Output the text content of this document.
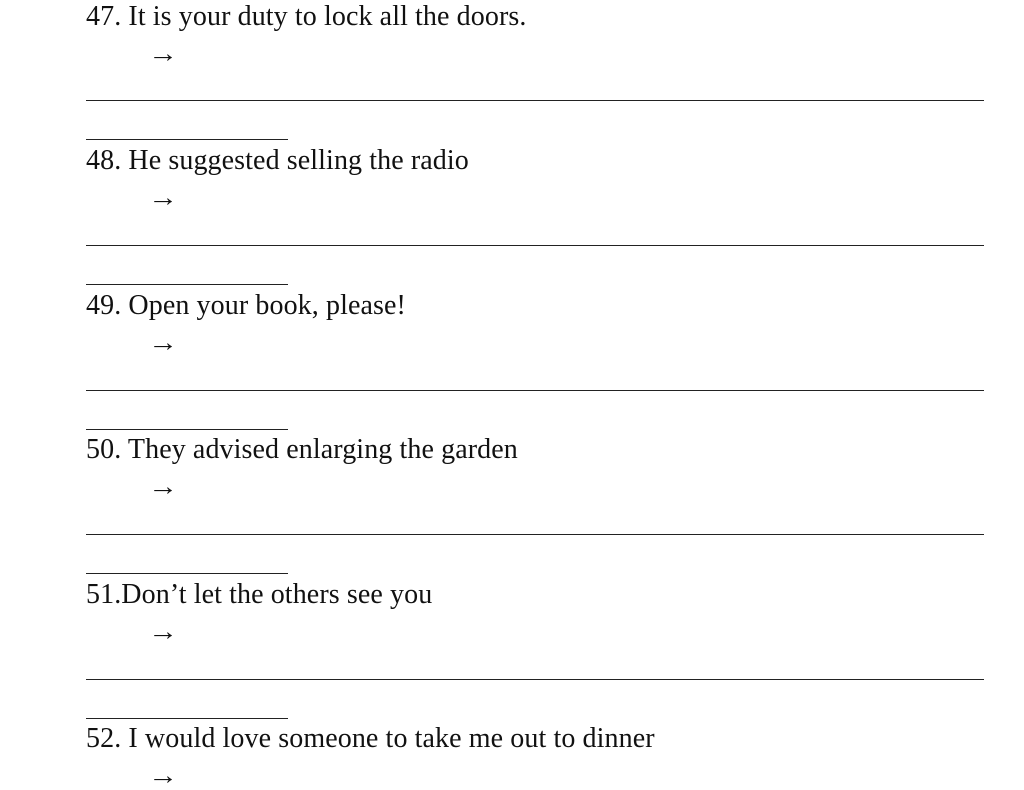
47. It is your duty to lock all the doors.
→
48. He suggested selling the radio
→
49. Open your book, please!
→
50. They advised enlarging the garden
→
51.Don’t let the others see you
→
52. I would love someone to take me out to dinner
→
